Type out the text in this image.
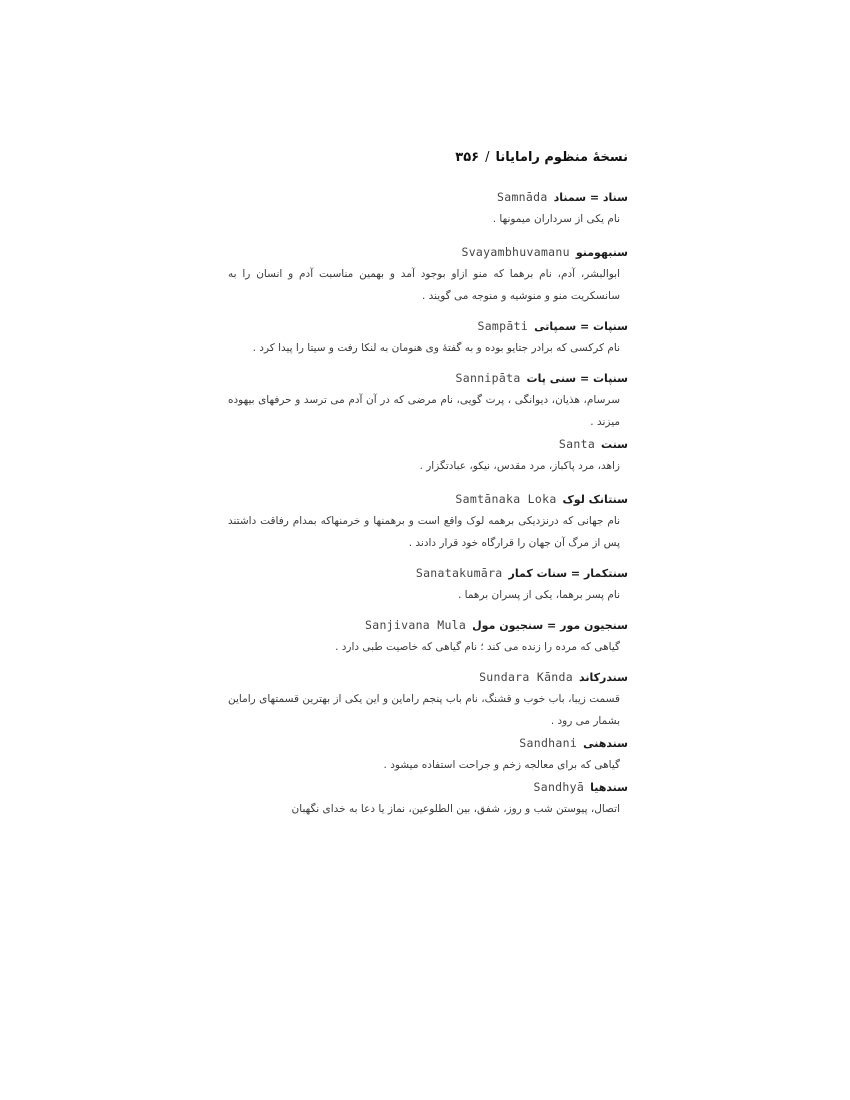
نسخهٔ منظوم رامایانا/۳۵۶
Samnāda سناد = سمناد

نام یکی از سرداران میمونها .

Svayambhuvamanu سنبهومنو

ابوالبشر، آدم، نام برهما که منو ازاو بوجود آمد و بهمین مناسبت آدم و انسان را به سانسکریت منو و منوشیه و منوجه می گویند .

Sampāti سنپات = سمپاتی

نام کرکسی که برادر جتایو بوده و به گفتهٔ وی هنومان به لنکا رفت و سیتا را پیدا کرد .

Sannipāta سنپات = سنی پات

سرسام، هذیان، دیوانگی ، پرت گویی، نام مرضی که در آن آدم می ترسد و حرفهای بیهوده میزند .

Santa سنت

زاهد، مرد پاکباز، مرد مقدس، نیکو، عبادتگزار .

Samtānaka Loka سنتانک لوک

نام جهانی که درنزدیکی برهمه لوک واقع است و برهمنها و خرمنهاکه بمدام رفاقت داشتند پس از مرگ آن جهان را قرارگاه خود قرار دادند .

Sanatakumāra سنتکمار = سنات کمار

نام پسر برهما، یکی از پسران برهما .

Sanjivana Mula سنجیون مور = سنجیون مول

گیاهی که مرده را زنده می کند ؛ نام گیاهی که خاصیت طبی دارد .

Sundara Kānda سندرکاند

قسمت زیبا، باب خوب و قشنگ، نام باب پنجم راماین و این یکی از بهترین قسمتهای راماین بشمار می رود .

Sandhani سندهنی

گیاهی که برای معالجه زخم و جراحت استفاده میشود .

Sandhyā سندهیا

اتصال، پیوستن شب و روز، شفق، بین الطلوعین، نماز یا دعا به خدای نگهبان
